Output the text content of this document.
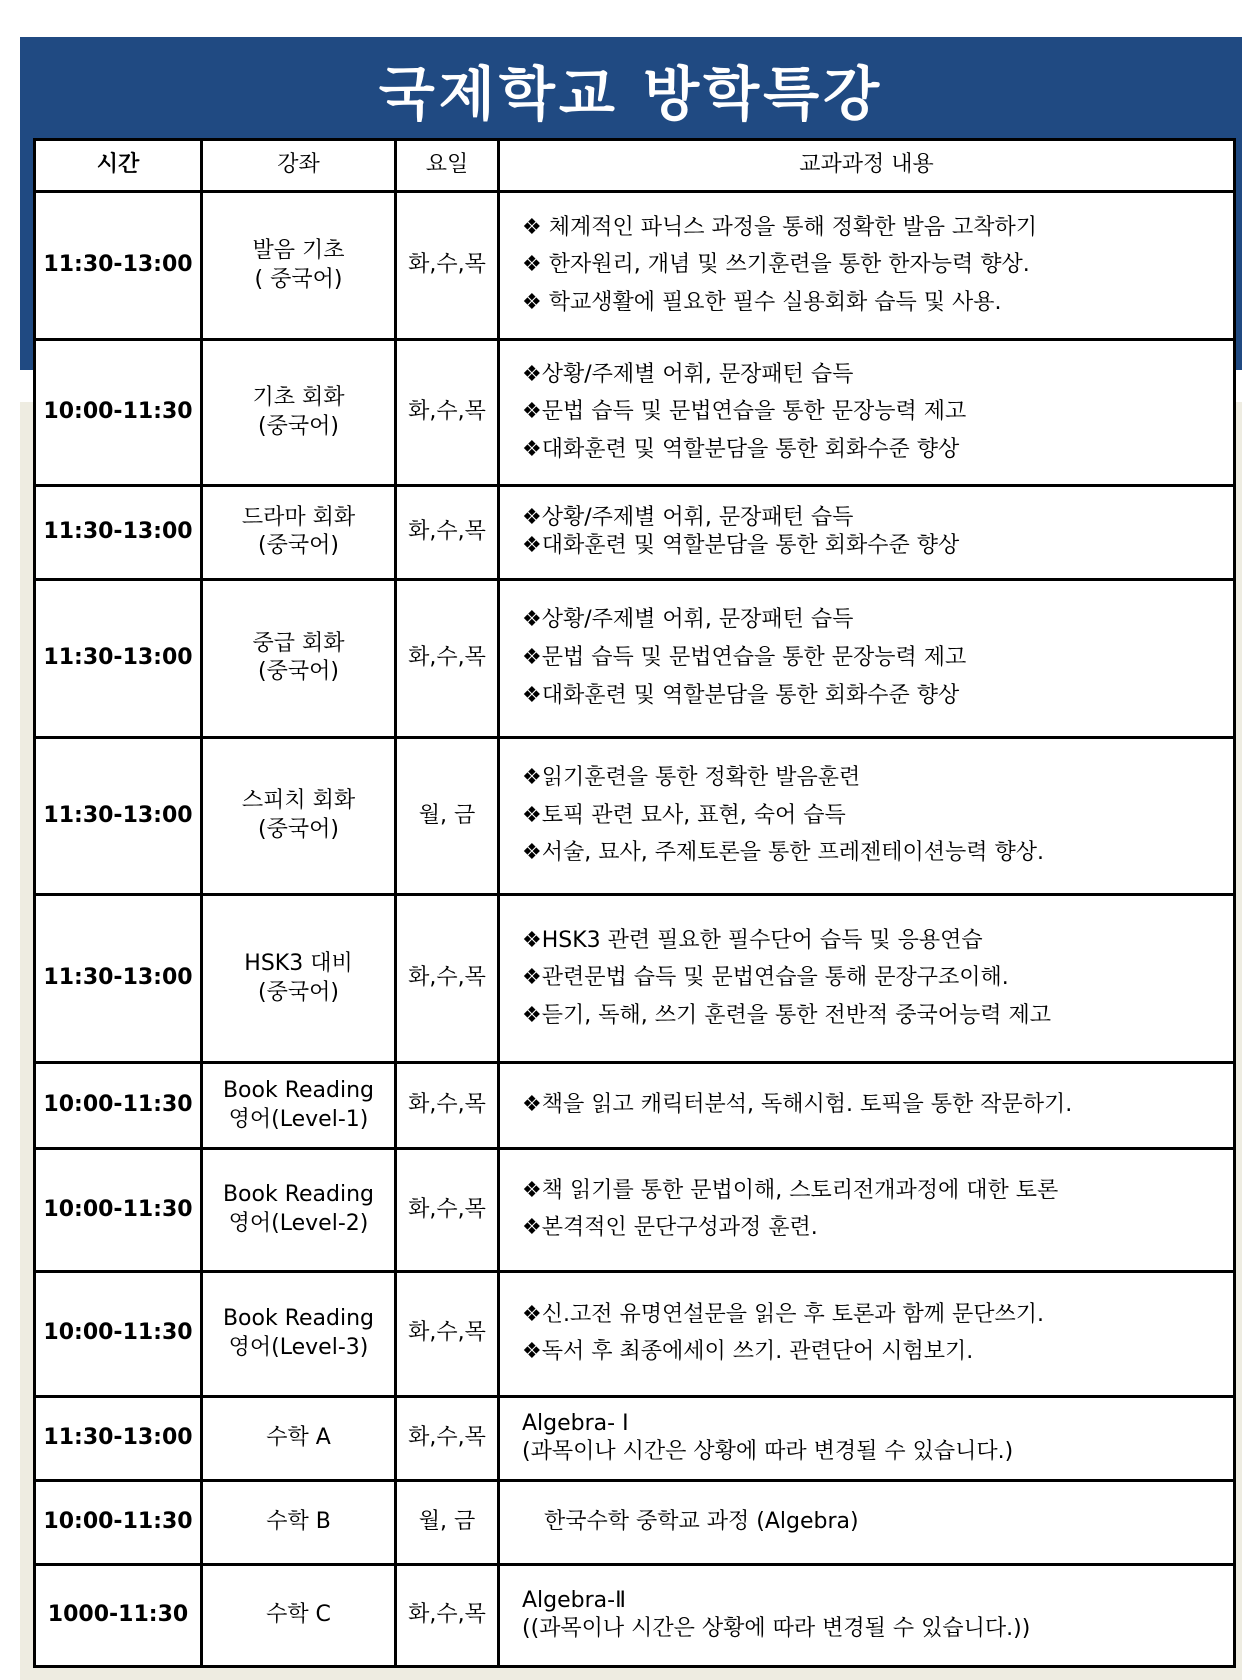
국제학교 방학특강
시간	강좌	요일	교과과정 내용
11:30-13:00	발음 기초
( 중국어)	화,수,목	❖ 체계적인 파닉스 과정을 통해 정확한 발음 고착하기
❖ 한자원리, 개념 및 쓰기훈련을 통한 한자능력 향상.
❖ 학교생활에 필요한 필수 실용회화 습득 및 사용.

10:00-11:30	기초 회화
(중국어)	화,수,목	❖상황/주제별 어휘, 문장패턴 습득
❖문법 습득 및 문법연습을 통한 문장능력 제고
❖대화훈련 및 역할분담을 통한 회화수준 향상

11:30-13:00	드라마 회화
(중국어)	화,수,목	❖상황/주제별 어휘, 문장패턴 습득
❖대화훈련 및 역할분담을 통한 회화수준 향상

11:30-13:00	중급 회화
(중국어)	화,수,목	❖상황/주제별 어휘, 문장패턴 습득
❖문법 습득 및 문법연습을 통한 문장능력 제고
❖대화훈련 및 역할분담을 통한 회화수준 향상

11:30-13:00	스피치 회화
(중국어)	월, 금	❖읽기훈련을 통한 정확한 발음훈련
❖토픽 관련 묘사, 표현, 숙어 습득
❖서술, 묘사, 주제토론을 통한 프레젠테이션능력 향상.

11:30-13:00	HSK3 대비
(중국어)	화,수,목	❖HSK3 관련 필요한 필수단어 습득 및 응용연습
❖관련문법 습득 및 문법연습을 통해 문장구조이해.
❖듣기, 독해, 쓰기 훈련을 통한 전반적 중국어능력 제고

10:00-11:30	Book Reading
영어(Level-1)	화,수,목	❖책을 읽고 캐릭터분석, 독해시험. 토픽을 통한 작문하기.

10:00-11:30	Book Reading
영어(Level-2)	화,수,목	❖책 읽기를 통한 문법이해, 스토리전개과정에 대한 토론
❖본격적인 문단구성과정 훈련.

10:00-11:30	Book Reading
영어(Level-3)	화,수,목	❖신.고전 유명연설문을 읽은 후 토론과 함께 문단쓰기.
❖독서 후 최종에세이 쓰기. 관련단어 시험보기.

11:30-13:00	수학 A	화,수,목	Algebra- Ⅰ
(과목이나 시간은 상황에 따라 변경될 수 있습니다.)

10:00-11:30	수학 B	월, 금	한국수학 중학교 과정 (Algebra)

1000-11:30	수학 C	화,수,목	Algebra-Ⅱ
((과목이나 시간은 상황에 따라 변경될 수 있습니다.))
